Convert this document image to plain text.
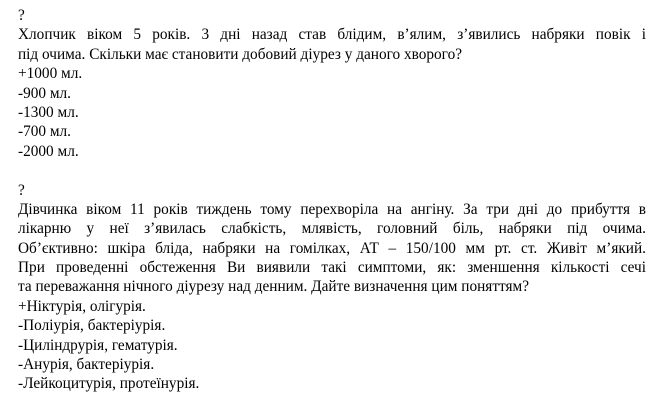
?
Хлопчик віком 5 років. 3 дні назад став блідим, в’ялим, з’явились набряки повік і
під очима. Скільки має становити добовий діурез у даного хворого?
+1000 мл.
-900 мл.
-1300 мл.
-700 мл.
-2000 мл.
?
Дівчинка віком 11 років тиждень тому перехворіла на ангіну. За три дні до прибуття в
лікарню у неї з’явилась слабкість, млявість, головний біль, набряки під очима.
Об’єктивно: шкіра бліда, набряки на гомілках, АТ – 150/100 мм рт. ст. Живіт м’який.
При проведенні обстеження Ви виявили такі симптоми, як: зменшення кількості сечі
та переважання нічного діурезу над денним. Дайте визначення цим поняттям?
+Ніктурія, олігурія.
-Поліурія, бактеріурія.
-Циліндрурія, гематурія.
-Анурія, бактеріурія.
-Лейкоцитурія, протеїнурія.
